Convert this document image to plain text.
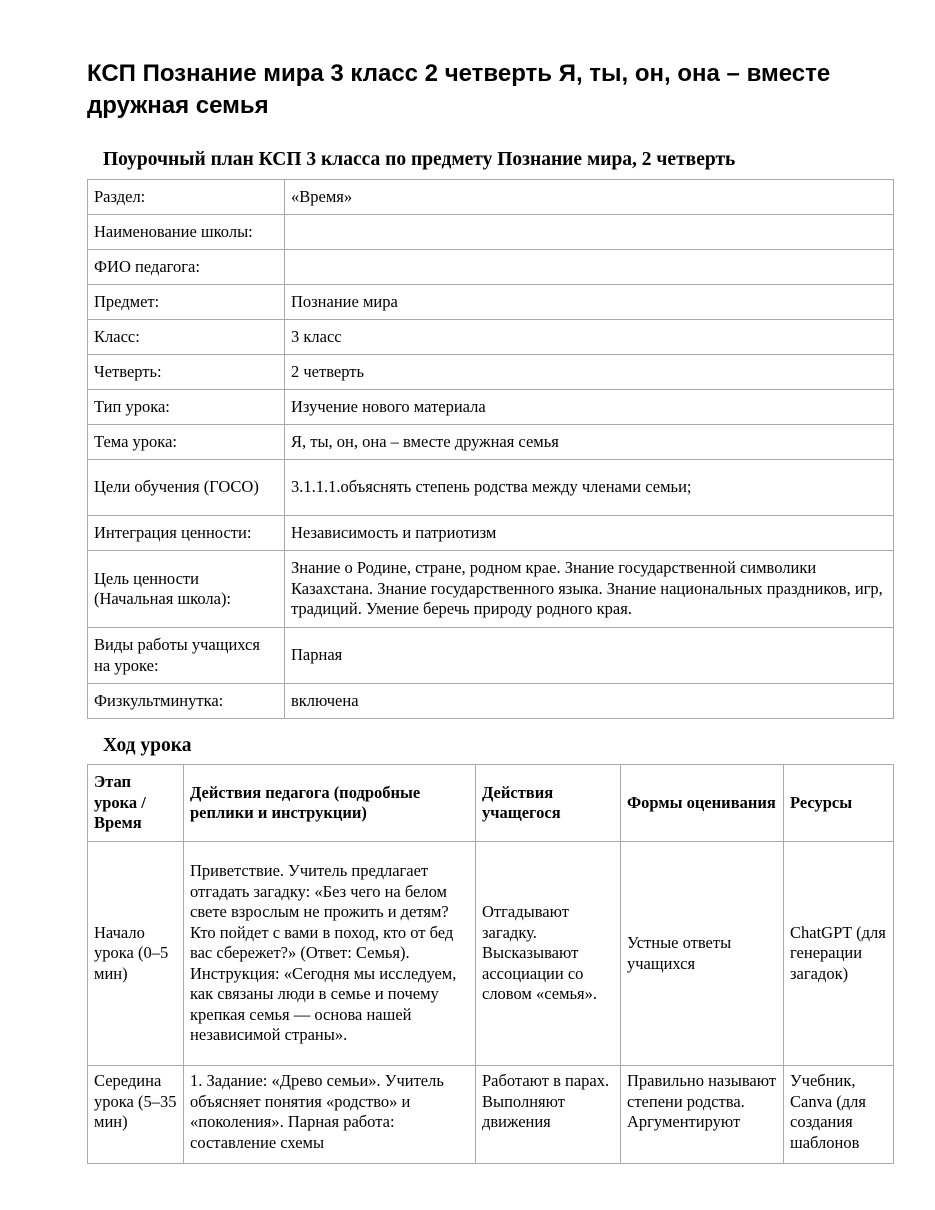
КСП Познание мира 3 класс 2 четверть Я, ты, он, она – вместе дружная семья
Поурочный план КСП 3 класса по предмету Познание мира, 2 четверть
Раздел:	«Время»
Наименование школы:	
ФИО педагога:	
Предмет:	Познание мира
Класс:	3 класс
Четверть:	2 четверть
Тип урока:	Изучение нового материала
Тема урока:	Я, ты, он, она – вместе дружная семья
Цели обучения (ГОСО)	3.1.1.1.объяснять степень родства между членами семьи;
Интеграция ценности:	Независимость и патриотизм
Цель ценности (Начальная школа):	Знание о Родине, стране, родном крае. Знание государственной символики Казахстана. Знание государственного языка. Знание национальных праздников, игр, традиций. Умение беречь природу родного края.
Виды работы учащихся на уроке:	Парная
Физкультминутка:	включена
Ход урока
Этап урока / Время	Действия педагога (подробные реплики и инструкции)	Действия учащегося	Формы оценивания	Ресурсы
Начало урока (0–5 мин)	Приветствие. Учитель предлагает отгадать загадку: «Без чего на белом свете взрослым не прожить и детям? Кто пойдет с вами в поход, кто от бед вас сбережет?» (Ответ: Семья). Инструкция: «Сегодня мы исследуем, как связаны люди в семье и почему крепкая семья — основа нашей независимой страны».	Отгадывают загадку. Высказывают ассоциации со словом «семья».	Устные ответы учащихся	ChatGPT (для генерации загадок)
Середина урока (5–35 мин)	1. Задание: «Древо семьи». Учитель объясняет понятия «родство» и «поколения». Парная работа: составление схемы	Работают в парах. Выполняют движения	Правильно называют степени родства. Аргументируют	Учебник, Canva (для создания шаблонов
